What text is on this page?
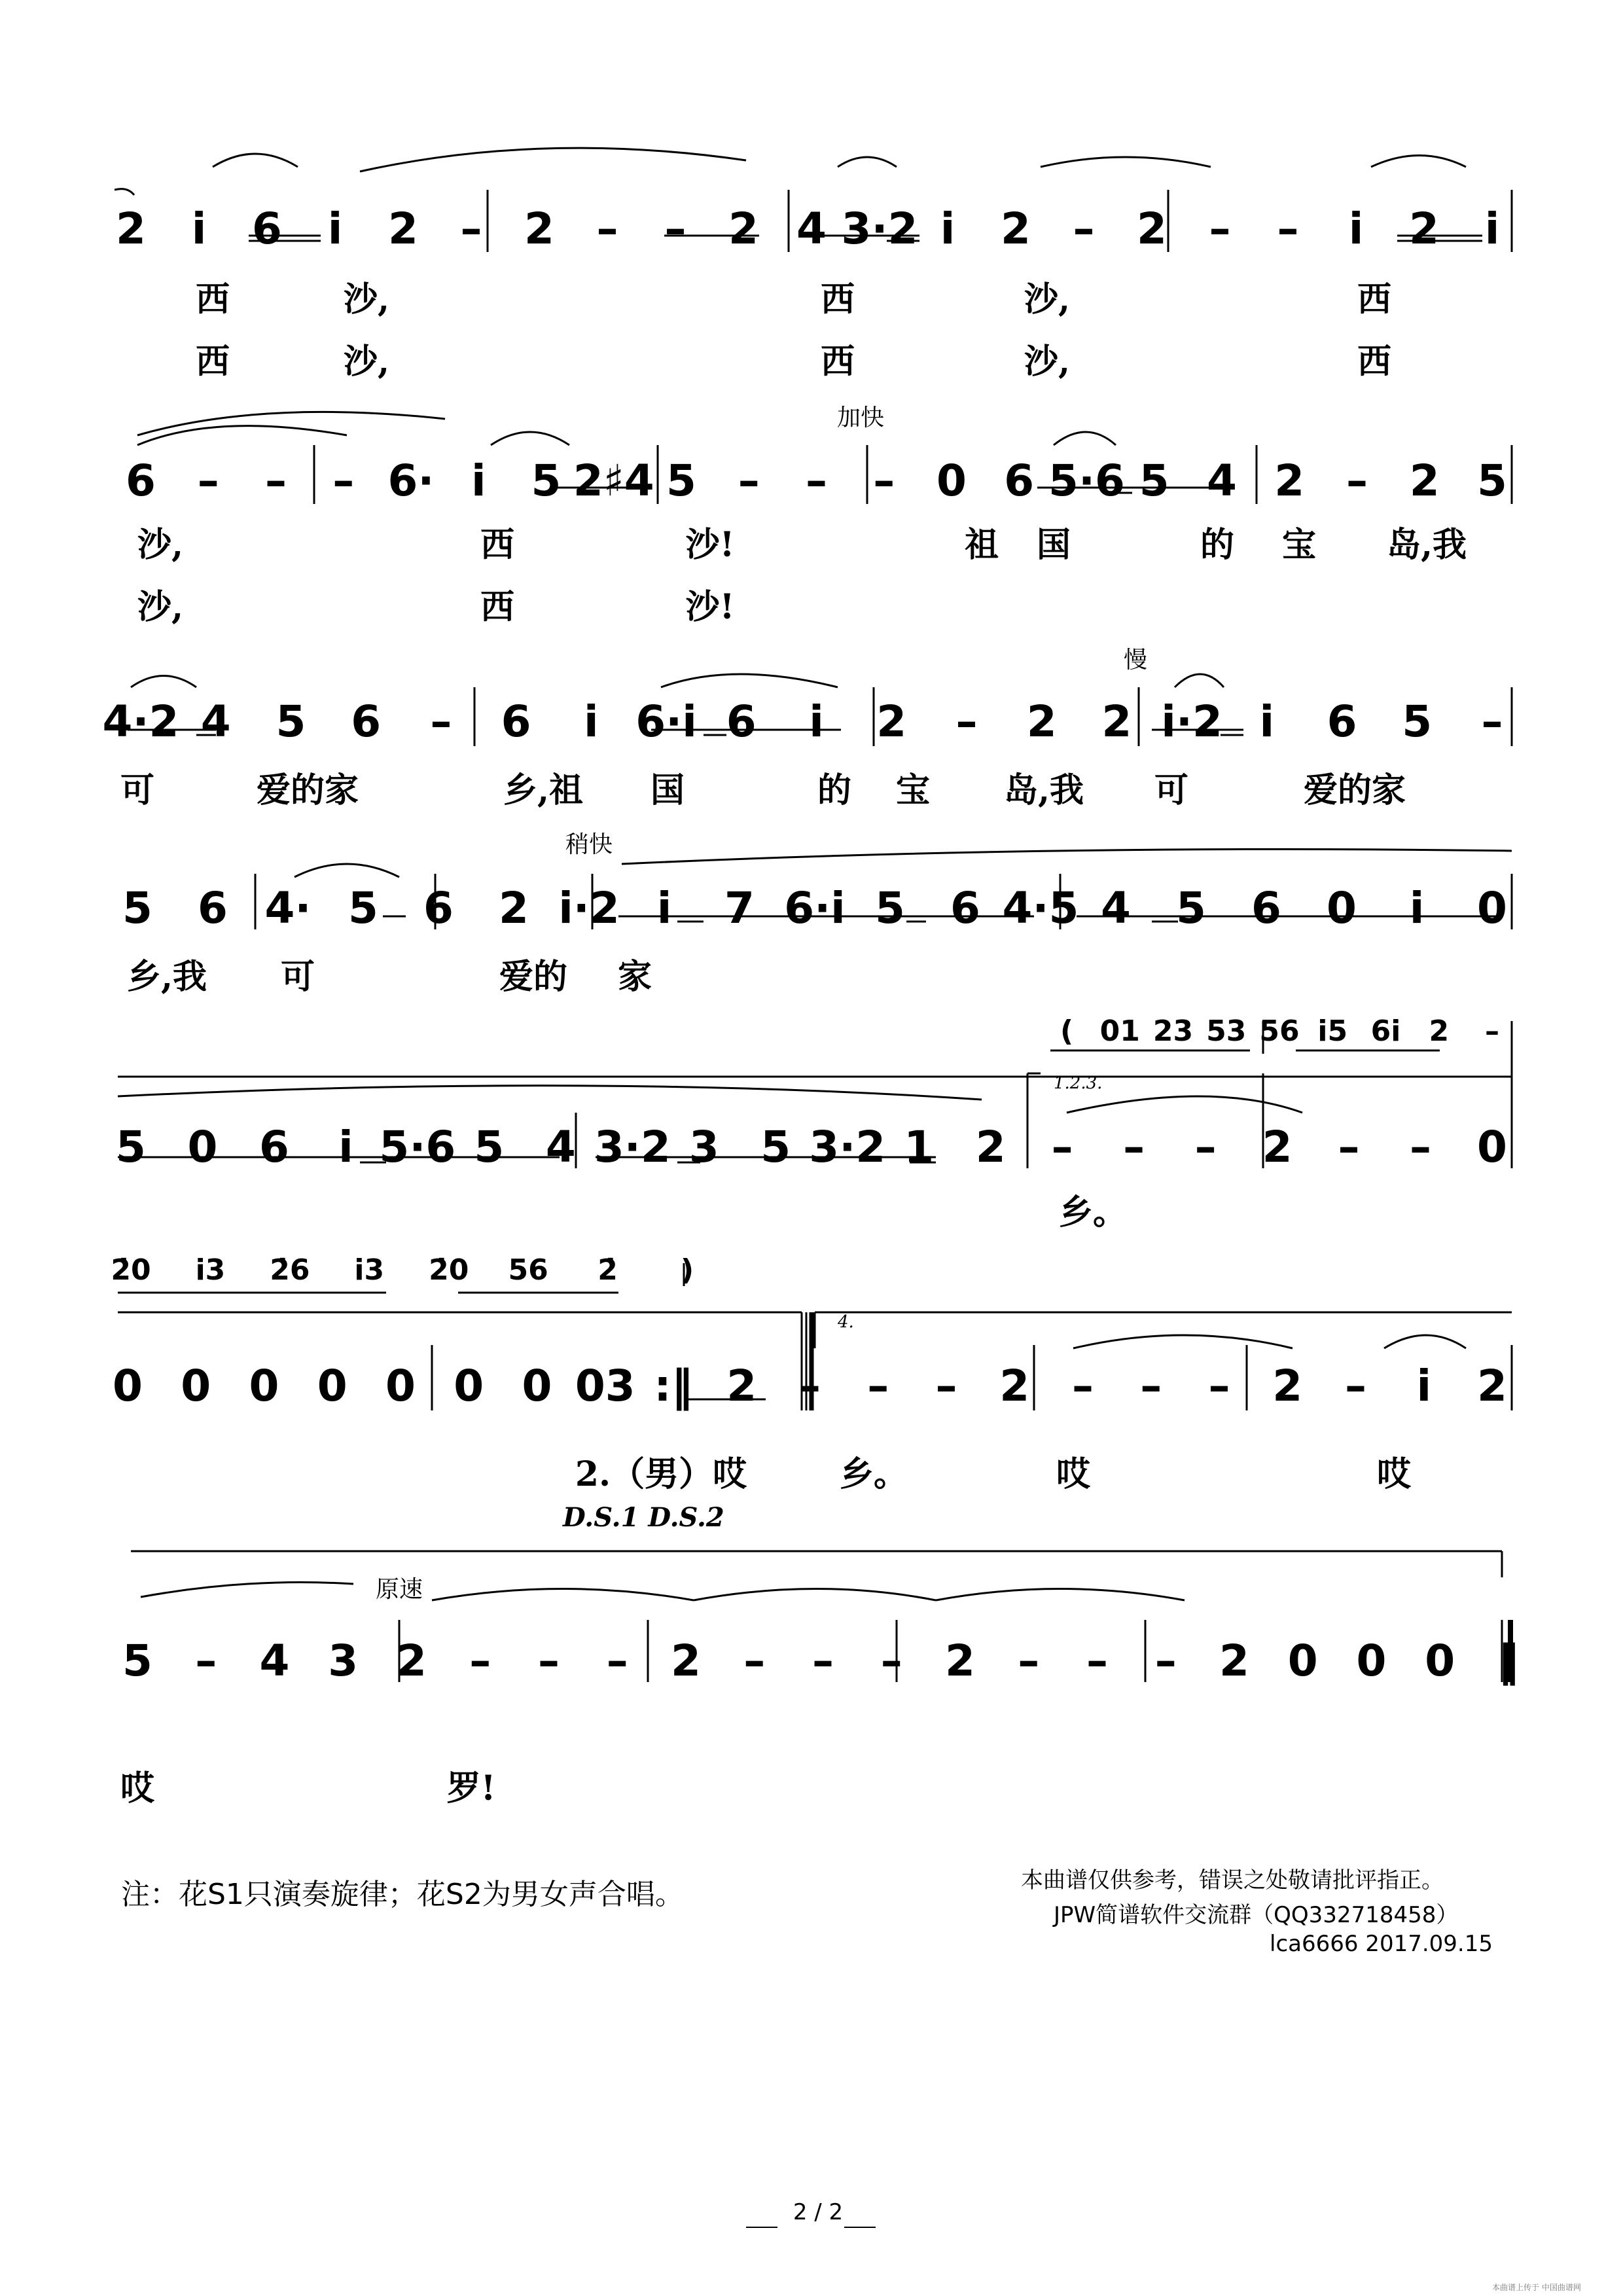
2 i 6 i 2 – 2 – – 2 4 3·2 i 2 – 2 – – i 2 i
6 – – – 6· i 5 2♯4 5 – – – 0 6 5·6 5 4 2 – 2 5
4·2 4 5 6 – 6 i 6·i 6 i 2 – 2 2 i·2 i 6 5 –
5 6 4· 5 6 2 i·2 i 7 6·i 5 6 4·5 4 5 6 0 i 0
( 01 23 53 56 i5 6i 2 –
5 0 6 i 5·6 5 4 3·2 3 5 3·2 1 2 – – – 2 – – 0
2̇0 i3 2̇6 i3 2̇0 56 2̇ )
0 0 0 0 0 0 0 03 :‖ 2 – – – 2 – – – 2 – i 2
5 – 4 3 2 – – – 2 – – – 2 – – – 2 0 0 0 ‖
加快
慢
稍快
原速
1.2.3.
4.
西	沙,	西	沙,	西
西	沙,	西	沙,	西
沙,	西	沙!	祖 国	的 宝 岛,我
沙,	西	沙!
可	爱的家	乡,祖 国	的 宝 岛,我 可	爱的家
乡,我 可	爱的 家
乡。
2.（男）哎	乡。	哎	哎
D.S.1 D.S.2
哎	罗!
注：花S1只演奏旋律；花S2为男女声合唱。	本曲谱仅供参考，错误之处敬请批评指正。
JPW简谱软件交流群（QQ332718458）
lca6666 2017.09.15
2 / 2
本曲谱上传于 中国曲谱网
